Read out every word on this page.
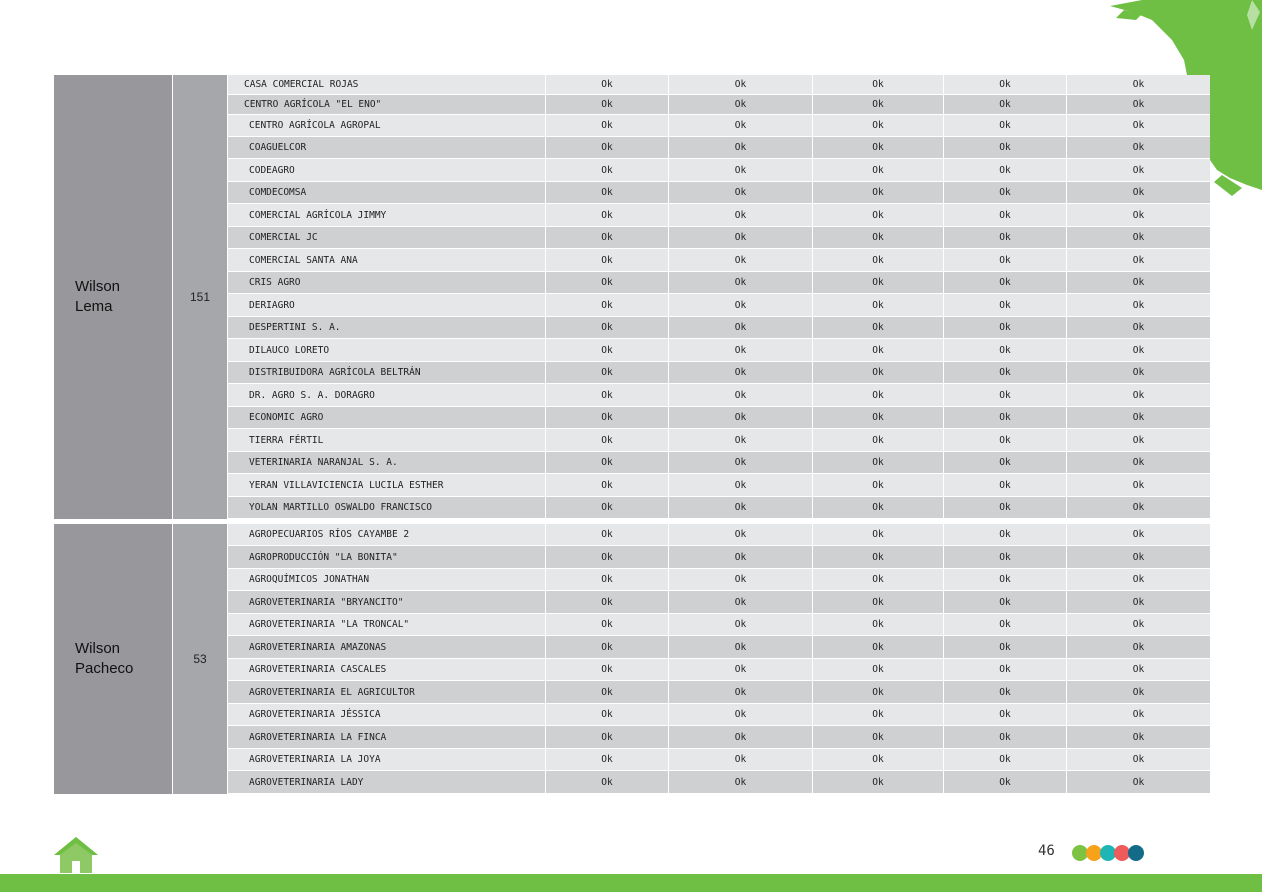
Wilson
Lema
151
CASA COMERCIAL ROJAS	Ok	Ok	Ok	Ok	Ok
CENTRO AGRÍCOLA "EL ENO"	Ok	Ok	Ok	Ok	Ok
CENTRO AGRÍCOLA AGROPAL	Ok	Ok	Ok	Ok	Ok
COAGUELCOR	Ok	Ok	Ok	Ok	Ok
CODEAGRO	Ok	Ok	Ok	Ok	Ok
COMDECOMSA	Ok	Ok	Ok	Ok	Ok
COMERCIAL AGRÍCOLA JIMMY	Ok	Ok	Ok	Ok	Ok
COMERCIAL JC	Ok	Ok	Ok	Ok	Ok
COMERCIAL SANTA ANA	Ok	Ok	Ok	Ok	Ok
CRIS AGRO	Ok	Ok	Ok	Ok	Ok
DERIAGRO	Ok	Ok	Ok	Ok	Ok
DESPERTINI S. A.	Ok	Ok	Ok	Ok	Ok
DILAUCO LORETO	Ok	Ok	Ok	Ok	Ok
DISTRIBUIDORA AGRÍCOLA BELTRÁN	Ok	Ok	Ok	Ok	Ok
DR. AGRO S. A. DORAGRO	Ok	Ok	Ok	Ok	Ok
ECONOMIC AGRO	Ok	Ok	Ok	Ok	Ok
TIERRA FÉRTIL	Ok	Ok	Ok	Ok	Ok
VETERINARIA NARANJAL S. A.	Ok	Ok	Ok	Ok	Ok
YERAN VILLAVICIENCIA LUCILA ESTHER	Ok	Ok	Ok	Ok	Ok
YOLAN MARTILLO OSWALDO FRANCISCO	Ok	Ok	Ok	Ok	Ok
Wilson
Pacheco
53
AGROPECUARIOS RÍOS CAYAMBE 2	Ok	Ok	Ok	Ok	Ok
AGROPRODUCCIÓN "LA BONITA"	Ok	Ok	Ok	Ok	Ok
AGROQUÍMICOS JONATHAN	Ok	Ok	Ok	Ok	Ok
AGROVETERINARIA "BRYANCITO"	Ok	Ok	Ok	Ok	Ok
AGROVETERINARIA "LA TRONCAL"	Ok	Ok	Ok	Ok	Ok
AGROVETERINARIA AMAZONAS	Ok	Ok	Ok	Ok	Ok
AGROVETERINARIA CASCALES	Ok	Ok	Ok	Ok	Ok
AGROVETERINARIA EL AGRICULTOR	Ok	Ok	Ok	Ok	Ok
AGROVETERINARIA JÉSSICA	Ok	Ok	Ok	Ok	Ok
AGROVETERINARIA LA FINCA	Ok	Ok	Ok	Ok	Ok
AGROVETERINARIA LA JOYA	Ok	Ok	Ok	Ok	Ok
AGROVETERINARIA LADY	Ok	Ok	Ok	Ok	Ok
46
